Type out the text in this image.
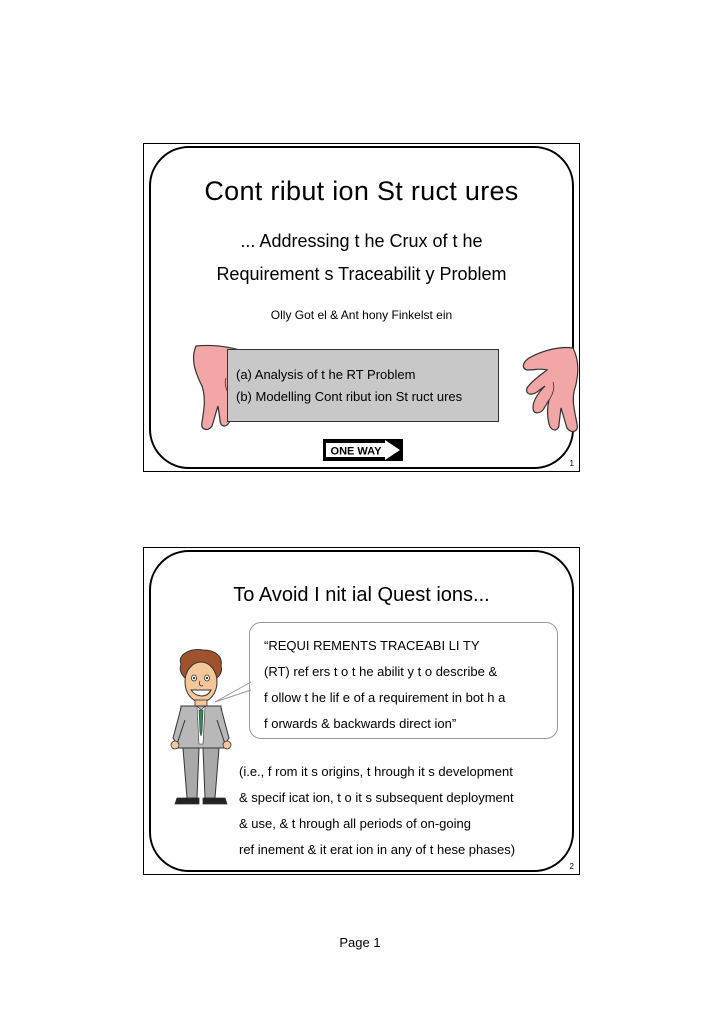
Cont ribut ion St ruct ures
... Addressing t he Crux of t he
Requirement s Traceabilit y Problem
Olly Got el & Ant hony Finkelst ein
(a) Analysis of t he RT Problem
(b) Modelling Cont ribut ion St ruct ures
ONE WAY
1
To Avoid I nit ial Quest ions...
“REQUI REMENTS TRACEABI LI TY
(RT) ref ers t o t he abilit y t o describe &
f ollow t he lif e of a requirement in bot h a
f orwards & backwards direct ion”
(i.e., f rom it s origins, t hrough it s development
& specif icat ion, t o it s subsequent deployment
& use, & t hrough all periods of on-going
ref inement & it erat ion in any of t hese phases)
2
Page 1
